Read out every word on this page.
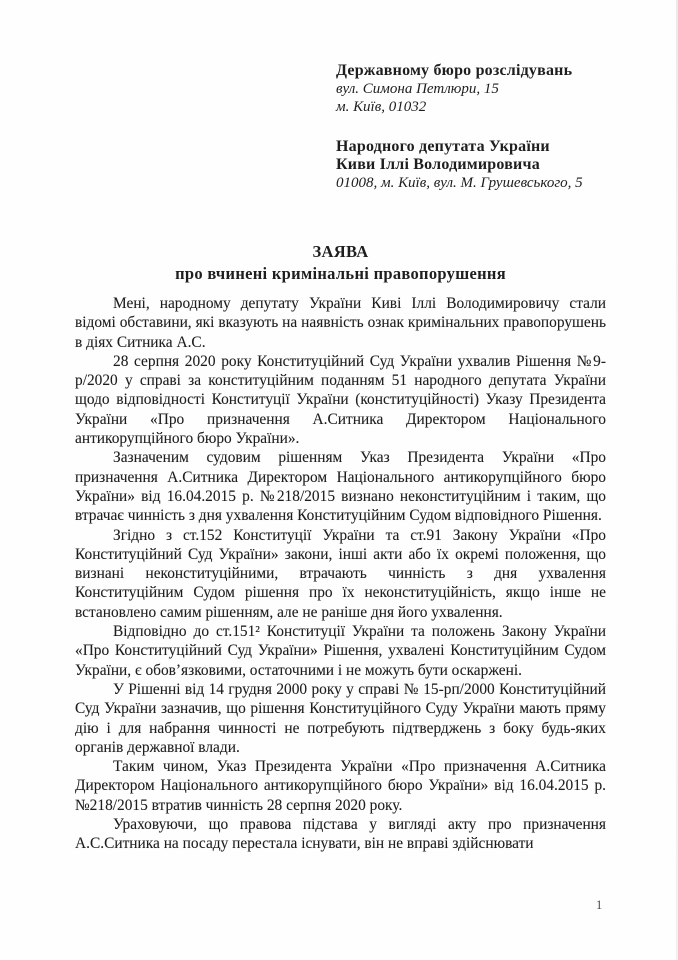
Державному бюро розслідувань
вул. Симона Петлюри, 15
м. Київ, 01032
Народного депутата України
Киви Іллі Володимировича
01008, м. Київ, вул. М. Грушевського, 5
ЗАЯВА
про вчинені кримінальні правопорушення

Мені, народному депутату України Киві Іллі Володимировичу стали відомі обставини, які вказують на наявність ознак кримінальних правопорушень в діях Ситника А.С.

28 серпня 2020 року Конституційний Суд України ухвалив Рішення №9-р/2020 у справі за конституційним поданням 51 народного депутата України щодо відповідності Конституції України (конституційності) Указу Президента України «Про призначення А.Ситника Директором Національного антикорупційного бюро України».

Зазначеним судовим рішенням Указ Президента України «Про призначення А.Ситника Директором Національного антикорупційного бюро України» від 16.04.2015 р. №218/2015 визнано неконституційним і таким, що втрачає чинність з дня ухвалення Конституційним Судом відповідного Рішення.

Згідно з ст.152 Конституції України та ст.91 Закону України «Про Конституційний Суд України» закони, інші акти або їх окремі положення, що визнані неконституційними, втрачають чинність з дня ухвалення Конституційним Судом рішення про їх неконституційність, якщо інше не встановлено самим рішенням, але не раніше дня його ухвалення.

Відповідно до ст.151² Конституції України та положень Закону України «Про Конституційний Суд України» Рішення, ухвалені Конституційним Судом України, є обов’язковими, остаточними і не можуть бути оскаржені.

У Рішенні від 14 грудня 2000 року у справі № 15-рп/2000 Конституційний Суд України зазначив, що рішення Конституційного Суду України мають пряму дію і для набрання чинності не потребують підтверджень з боку будь-яких органів державної влади.

Таким чином, Указ Президента України «Про призначення А.Ситника Директором Національного антикорупційного бюро України» від 16.04.2015 р. №218/2015 втратив чинність 28 серпня 2020 року.

Ураховуючи, що правова підстава у вигляді акту про призначення А.С.Ситника на посаду перестала існувати, він не вправі здійснювати

1
